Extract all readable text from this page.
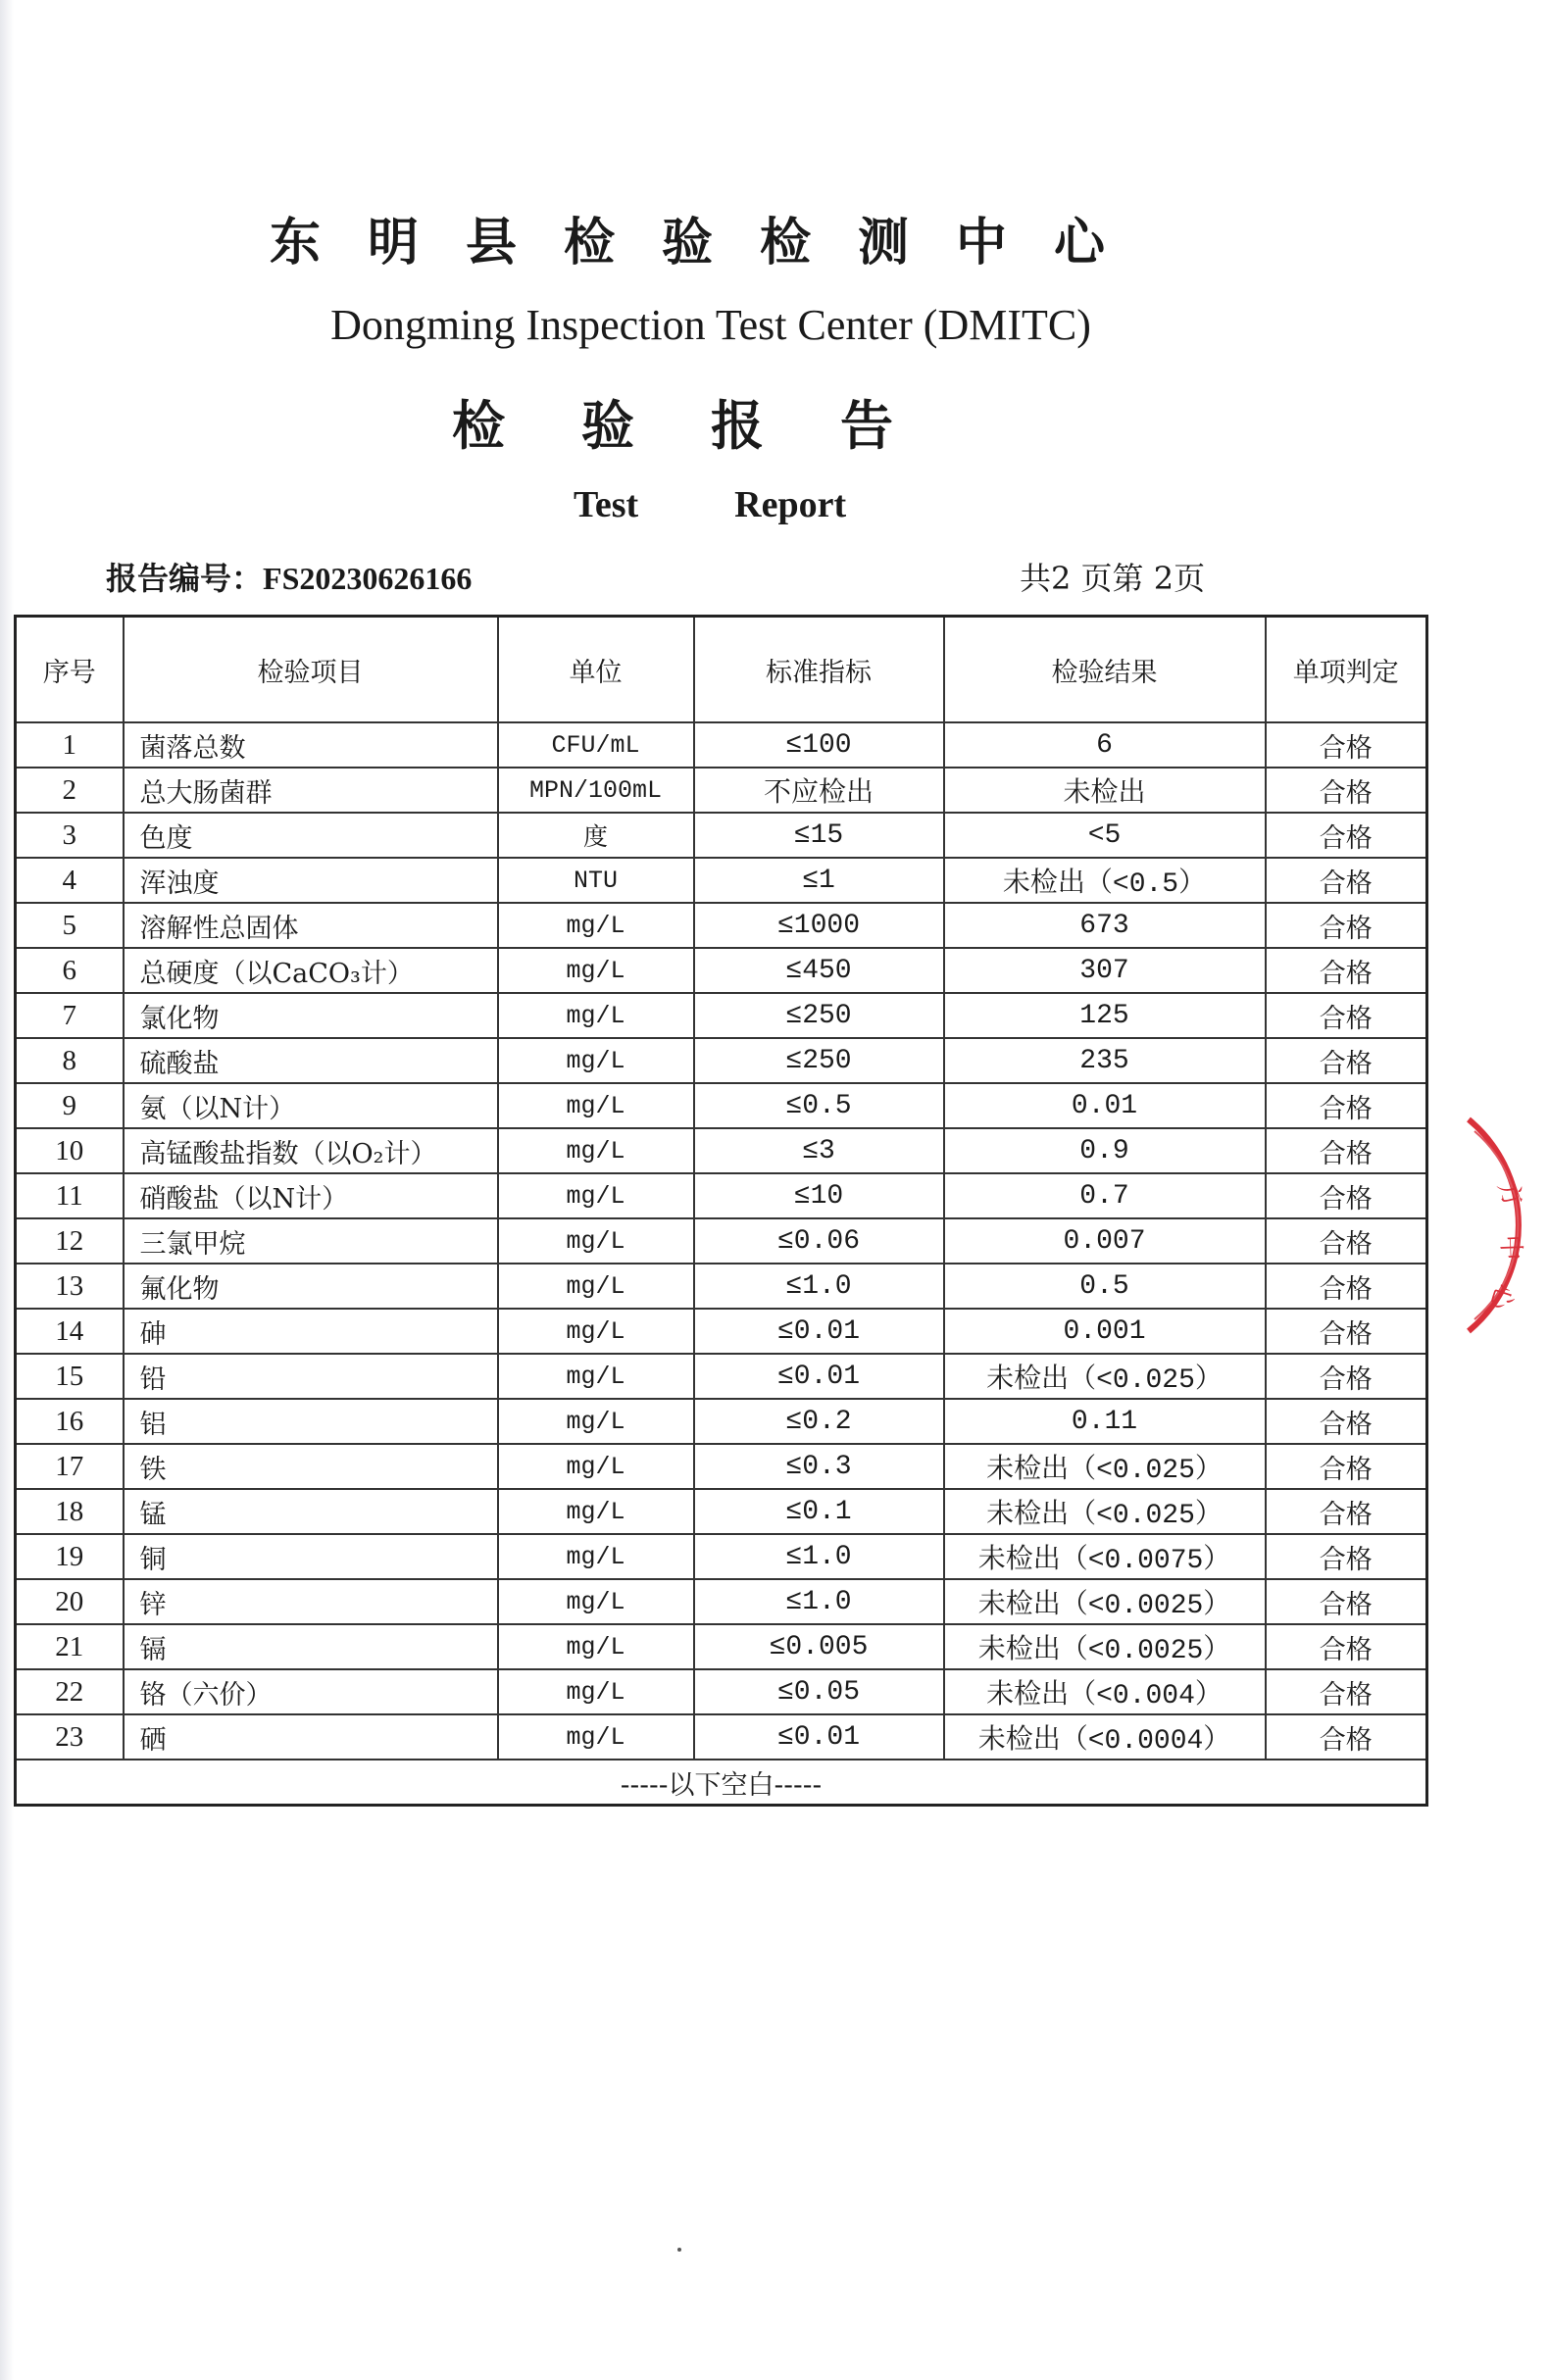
东明县检验检测中心
Dongming Inspection Test Center (DMITC)
检验报告
Test	Report
报告编号：FS20230626166	共2 页第 2页
序号	检验项目	单位	标准指标	检验结果	单项判定
1	菌落总数	CFU/mL	≤100	6	合格
2	总大肠菌群	MPN/100mL	不应检出	未检出	合格
3	色度	度	≤15	<5	合格
4	浑浊度	NTU	≤1	未检出（<0.5）	合格
5	溶解性总固体	mg/L	≤1000	673	合格
6	总硬度（以CaCO₃计）	mg/L	≤450	307	合格
7	氯化物	mg/L	≤250	125	合格
8	硫酸盐	mg/L	≤250	235	合格
9	氨（以N计）	mg/L	≤0.5	0.01	合格
10	高锰酸盐指数（以O₂计）	mg/L	≤3	0.9	合格
11	硝酸盐（以N计）	mg/L	≤10	0.7	合格
12	三氯甲烷	mg/L	≤0.06	0.007	合格
13	氟化物	mg/L	≤1.0	0.5	合格
14	砷	mg/L	≤0.01	0.001	合格
15	铅	mg/L	≤0.01	未检出（<0.025）	合格
16	铝	mg/L	≤0.2	0.11	合格
17	铁	mg/L	≤0.3	未检出（<0.025）	合格
18	锰	mg/L	≤0.1	未检出（<0.025）	合格
19	铜	mg/L	≤1.0	未检出（<0.0075）	合格
20	锌	mg/L	≤1.0	未检出（<0.0025）	合格
21	镉	mg/L	≤0.005	未检出（<0.0025）	合格
22	铬（六价）	mg/L	≤0.05	未检出（<0.004）	合格
23	硒	mg/L	≤0.01	未检出（<0.0004）	合格
-----以下空白-----					
方
中
心
